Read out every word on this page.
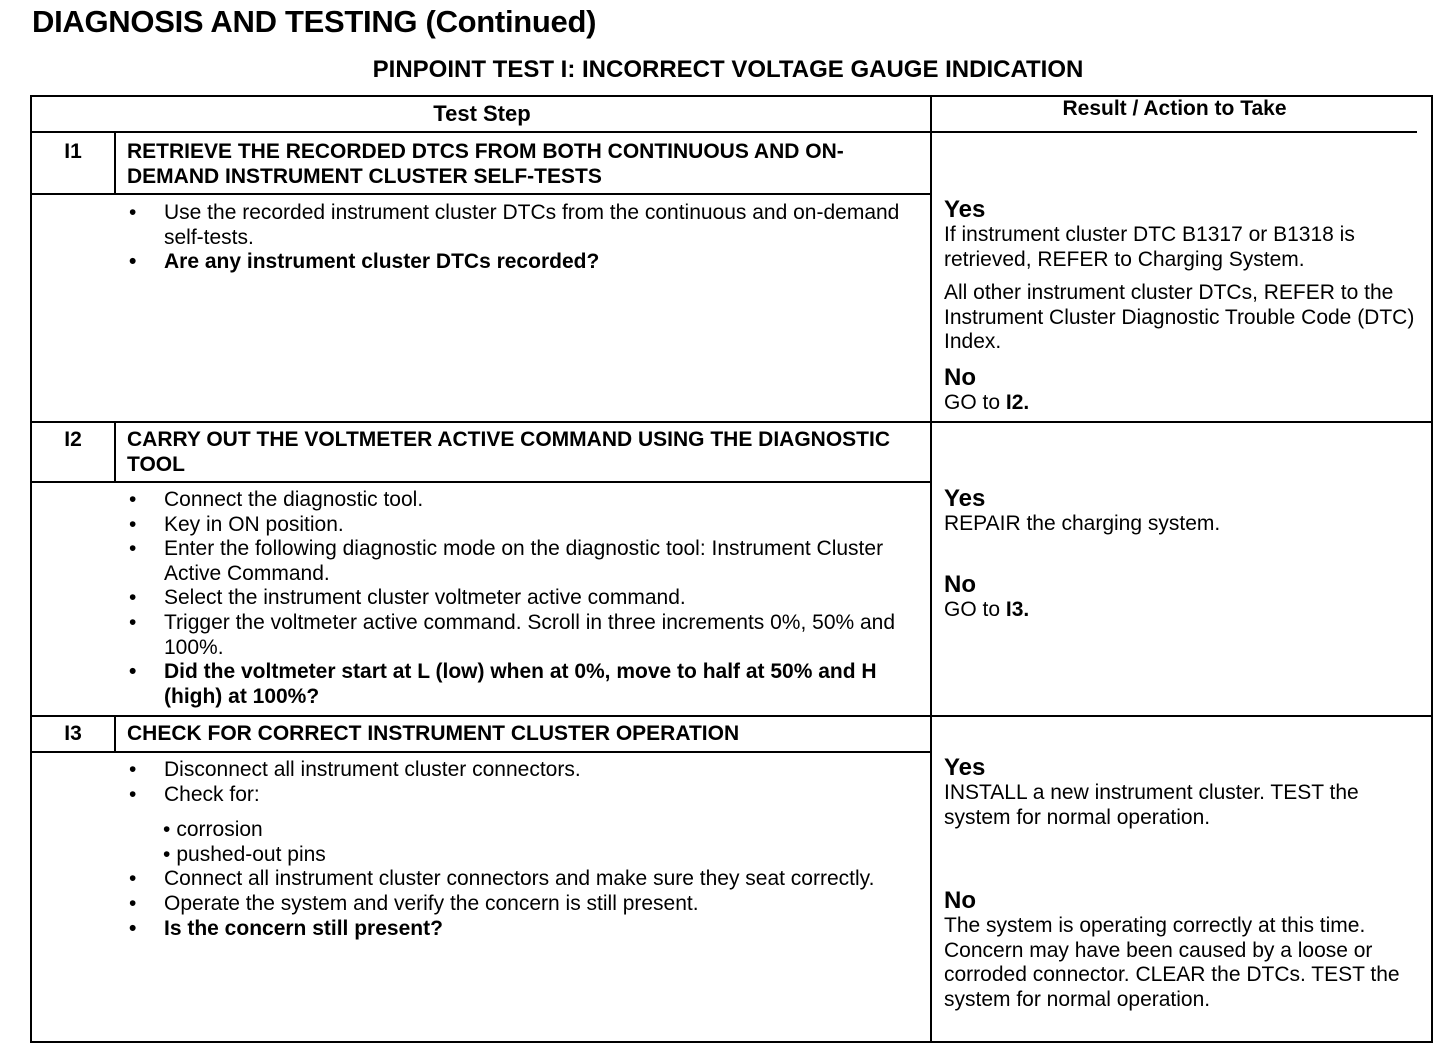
DIAGNOSIS AND TESTING (Continued)
PINPOINT TEST I: INCORRECT VOLTAGE GAUGE INDICATION
Test Step	Result / Action to Take
I1	RETRIEVE THE RECORDED DTCS FROM BOTH CONTINUOUS AND ON-DEMAND INSTRUMENT CLUSTER SELF-TESTS
• Use the recorded instrument cluster DTCs from the continuous and on-demand self-tests.
• Are any instrument cluster DTCs recorded?
Yes

If instrument cluster DTC B1317 or B1318 is retrieved, REFER to Charging System.

All other instrument cluster DTCs, REFER to the Instrument Cluster Diagnostic Trouble Code (DTC) Index.

No

GO to I2.

I2	CARRY OUT THE VOLTMETER ACTIVE COMMAND USING THE DIAGNOSTIC TOOL
• Connect the diagnostic tool.
• Key in ON position.
• Enter the following diagnostic mode on the diagnostic tool: Instrument Cluster Active Command.
• Select the instrument cluster voltmeter active command.
• Trigger the voltmeter active command. Scroll in three increments 0%, 50% and 100%.
• Did the voltmeter start at L (low) when at 0%, move to half at 50% and H (high) at 100%?
Yes

REPAIR the charging system.

No

GO to I3.

I3	CHECK FOR CORRECT INSTRUMENT CLUSTER OPERATION
• Disconnect all instrument cluster connectors.
• Check for:
• corrosion
• pushed-out pins
• Connect all instrument cluster connectors and make sure they seat correctly.
• Operate the system and verify the concern is still present.
• Is the concern still present?
Yes

INSTALL a new instrument cluster. TEST the system for normal operation.

No

The system is operating correctly at this time. Concern may have been caused by a loose or corroded connector. CLEAR the DTCs. TEST the system for normal operation.
